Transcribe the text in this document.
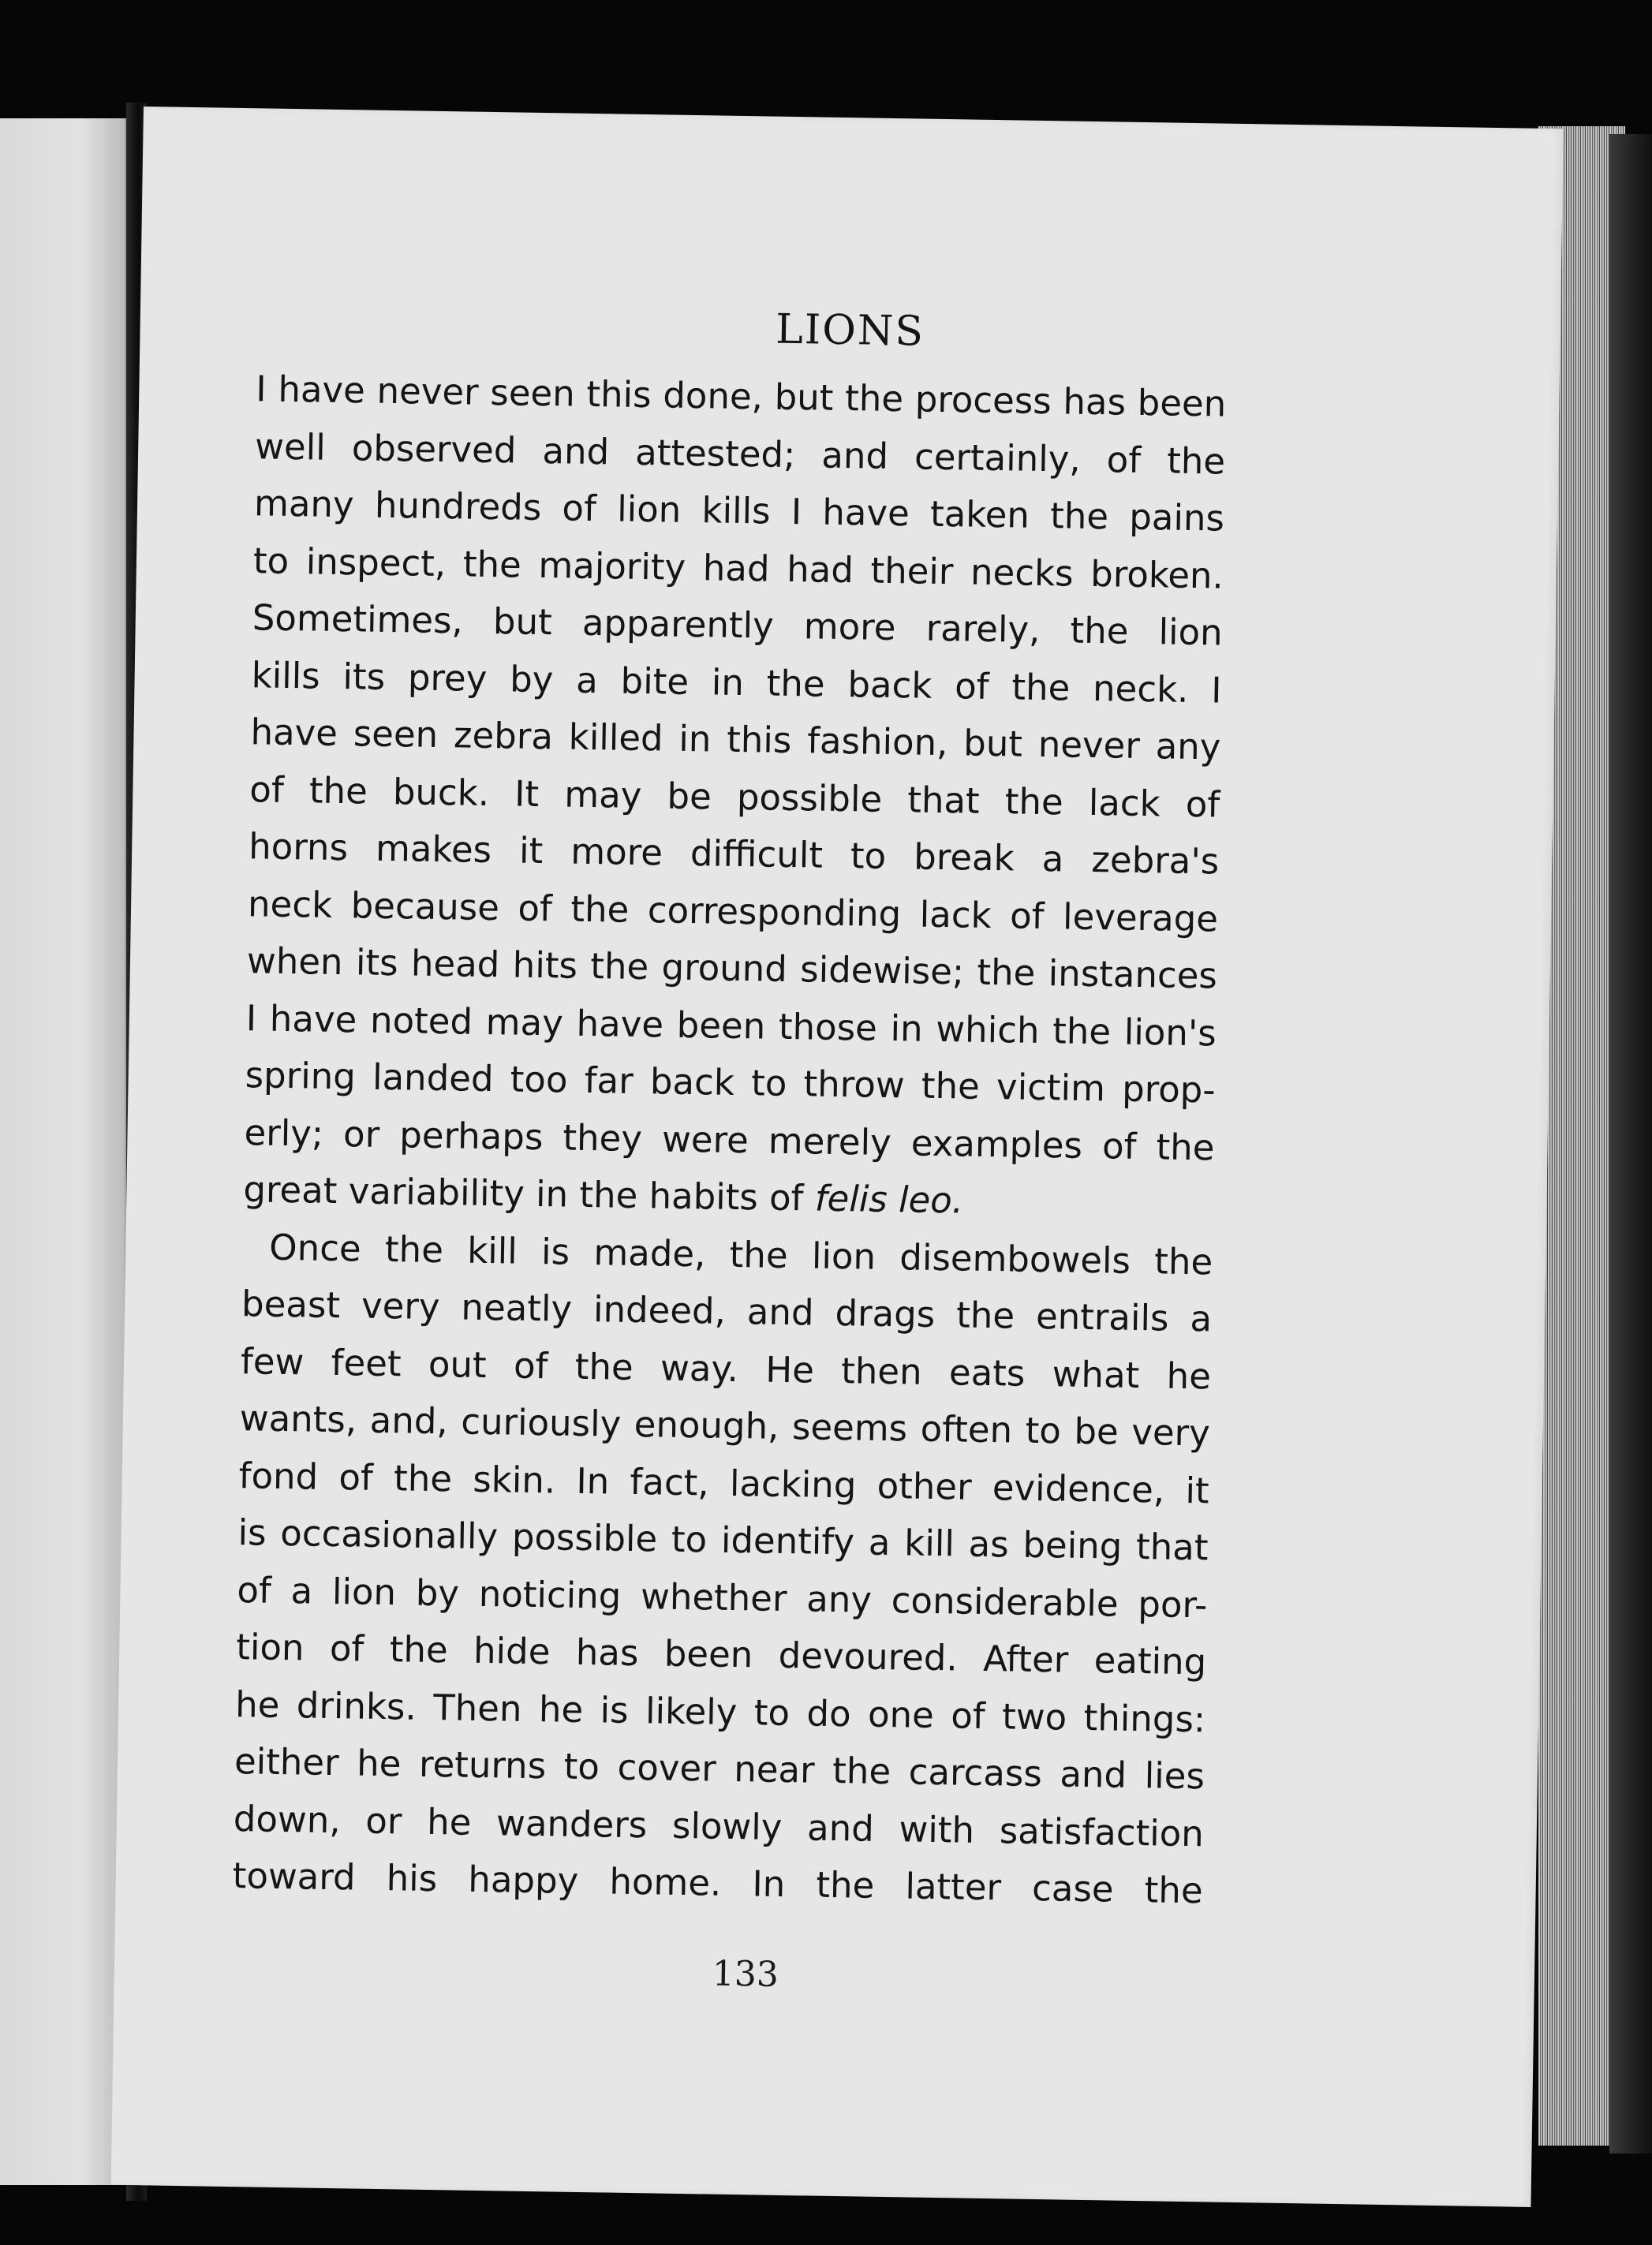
LIONS
I have never seen this done, but the process has been
well observed and attested; and certainly, of the
many hundreds of lion kills I have taken the pains
to inspect, the majority had had their necks broken.
Sometimes, but apparently more rarely, the lion
kills its prey by a bite in the back of the neck. I
have seen zebra killed in this fashion, but never any
of the buck. It may be possible that the lack of
horns makes it more difficult to break a zebra's
neck because of the corresponding lack of leverage
when its head hits the ground sidewise; the instances
I have noted may have been those in which the lion's
spring landed too far back to throw the victim prop-
erly; or perhaps they were merely examples of the
great variability in the habits of felis leo.
Once the kill is made, the lion disembowels the
beast very neatly indeed, and drags the entrails a
few feet out of the way. He then eats what he
wants, and, curiously enough, seems often to be very
fond of the skin. In fact, lacking other evidence, it
is occasionally possible to identify a kill as being that
of a lion by noticing whether any considerable por-
tion of the hide has been devoured. After eating
he drinks. Then he is likely to do one of two things:
either he returns to cover near the carcass and lies
down, or he wanders slowly and with satisfaction
toward his happy home. In the latter case the
133
